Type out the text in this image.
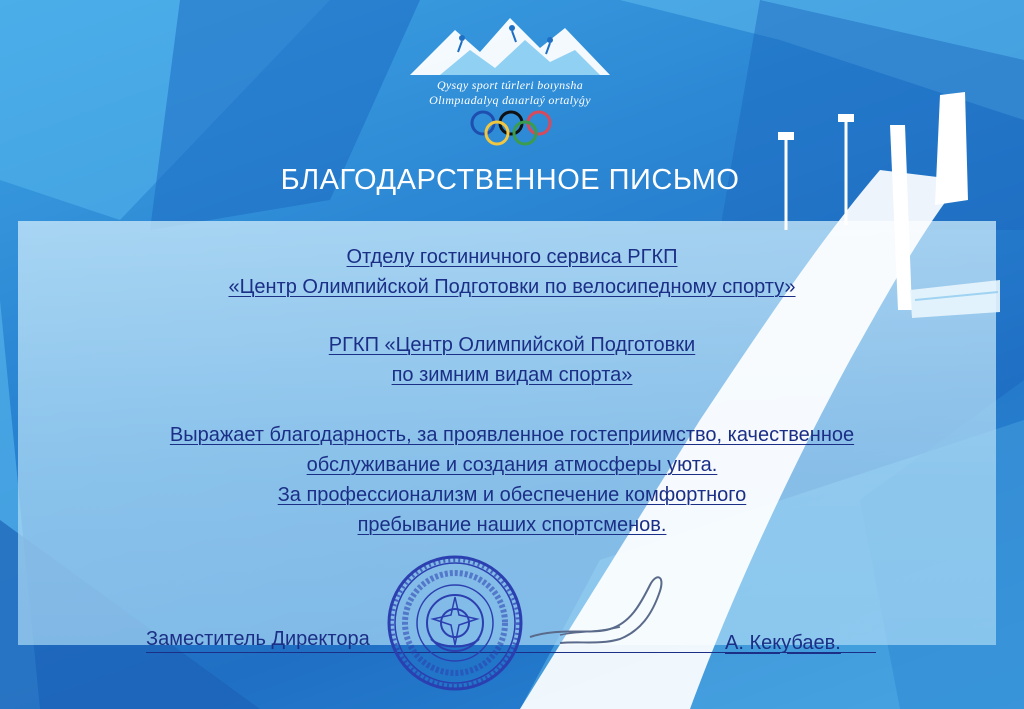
Qysqy sport túrleri boıynsha
Olımpıadalyq daıarlaý ortalyǵy
БЛАГОДАРСТВЕННОЕ ПИСЬМО
Отделу гостиничного сервиса РГКП
«Центр Олимпийской Подготовки по велосипедному спорту»
РГКП «Центр Олимпийской Подготовки
по зимним видам спорта»
Выражает благодарность, за проявленное гостеприимство, качественное
обслуживание и создания атмосферы уюта.
За профессионализм и обеспечение комфортного
пребывание наших спортсменов.
Заместитель Директора	А. Кекубаев.
